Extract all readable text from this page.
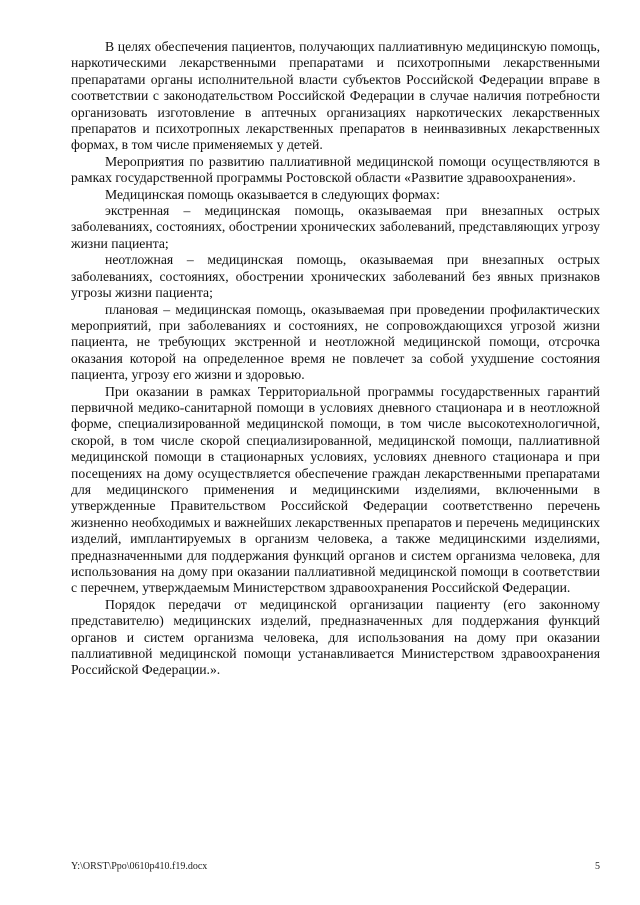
В целях обеспечения пациентов, получающих паллиативную медицинскую помощь, наркотическими лекарственными препаратами и психотропными лекарственными препаратами органы исполнительной власти субъектов Российской Федерации вправе в соответствии с законодательством Российской Федерации в случае наличия потребности организовать изготовление в аптечных организациях наркотических лекарственных препаратов и психотропных лекарственных препаратов в неинвазивных лекарственных формах, в том числе применяемых у детей.

Мероприятия по развитию паллиативной медицинской помощи осуществляются в рамках государственной программы Ростовской области «Развитие здравоохранения».

Медицинская помощь оказывается в следующих формах:

экстренная – медицинская помощь, оказываемая при внезапных острых заболеваниях, состояниях, обострении хронических заболеваний, представляющих угрозу жизни пациента;

неотложная – медицинская помощь, оказываемая при внезапных острых заболеваниях, состояниях, обострении хронических заболеваний без явных признаков угрозы жизни пациента;

плановая – медицинская помощь, оказываемая при проведении профилактических мероприятий, при заболеваниях и состояниях, не сопровождающихся угрозой жизни пациента, не требующих экстренной и неотложной медицинской помощи, отсрочка оказания которой на определенное время не повлечет за собой ухудшение состояния пациента, угрозу его жизни и здоровью.

При оказании в рамках Территориальной программы государственных гарантий первичной медико-санитарной помощи в условиях дневного стационара и в неотложной форме, специализированной медицинской помощи, в том числе высокотехнологичной, скорой, в том числе скорой специализированной, медицинской помощи, паллиативной медицинской помощи в стационарных условиях, условиях дневного стационара и при посещениях на дому осуществляется обеспечение граждан лекарственными препаратами для медицинского применения и медицинскими изделиями, включенными в утвержденные Правительством Российской Федерации соответственно перечень жизненно необходимых и важнейших лекарственных препаратов и перечень медицинских изделий, имплантируемых в организм человека, а также медицинскими изделиями, предназначенными для поддержания функций органов и систем организма человека, для использования на дому при оказании паллиативной медицинской помощи в соответствии с перечнем, утверждаемым Министерством здравоохранения Российской Федерации.

Порядок передачи от медицинской организации пациенту (его законному представителю) медицинских изделий, предназначенных для поддержания функций органов и систем организма человека, для использования на дому при оказании паллиативной медицинской помощи устанавливается Министерством здравоохранения Российской Федерации.».

Y:\ORST\Ppo\0610p410.f19.docx	5
